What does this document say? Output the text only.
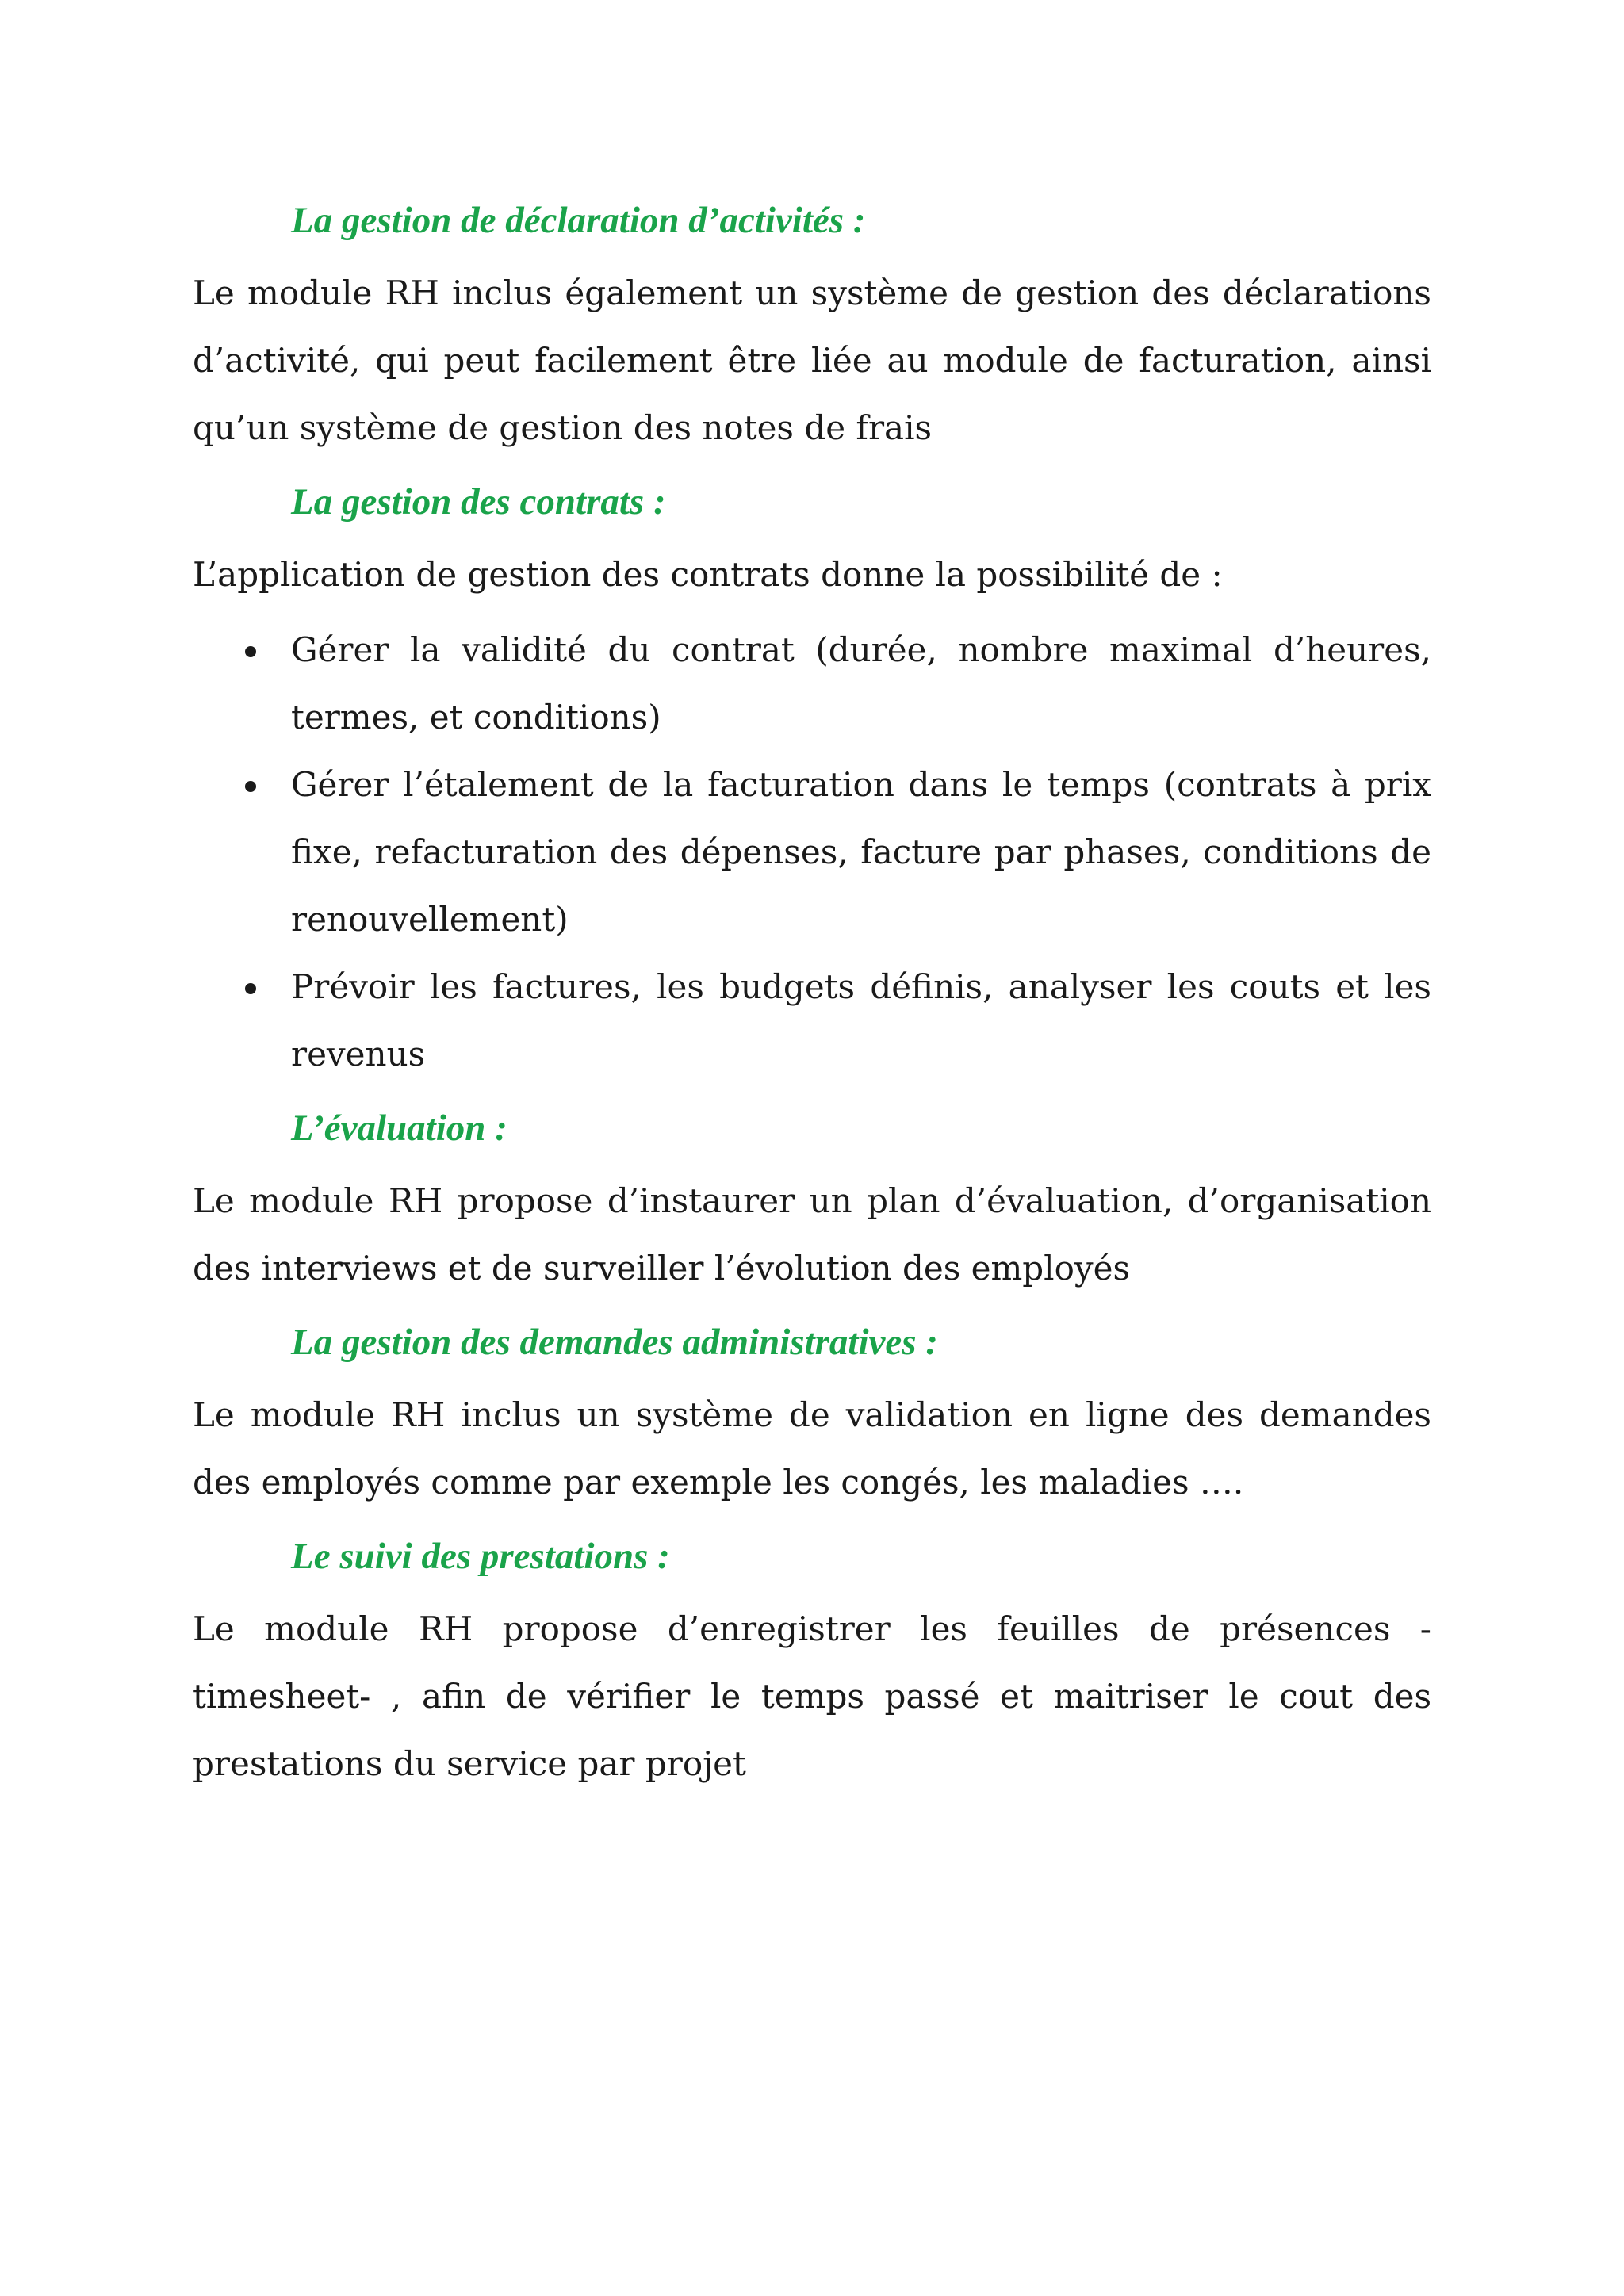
La gestion de déclaration d’activités :

Le module RH inclus également un système de gestion des déclarations d’activité, qui peut facilement être liée au module de facturation, ainsi qu’un système de gestion des notes de frais

La gestion des contrats :

L’application de gestion des contrats donne la possibilité de :

Gérer la validité du contrat (durée, nombre maximal d’heures, termes, et conditions)
Gérer l’étalement de la facturation dans le temps (contrats à prix fixe, refacturation des dépenses, facture par phases, conditions de renouvellement)
Prévoir les factures, les budgets définis, analyser les couts et les revenus
L’évaluation :

Le module RH propose d’instaurer un plan d’évaluation, d’organisation des interviews et de surveiller l’évolution des employés

La gestion des demandes administratives :

Le module RH inclus un système de validation en ligne des demandes des employés comme par exemple les congés, les maladies ….

Le suivi des prestations :

Le module RH propose d’enregistrer les feuilles de présences -timesheet- , afin de vérifier le temps passé et maitriser le cout des prestations du service par projet
